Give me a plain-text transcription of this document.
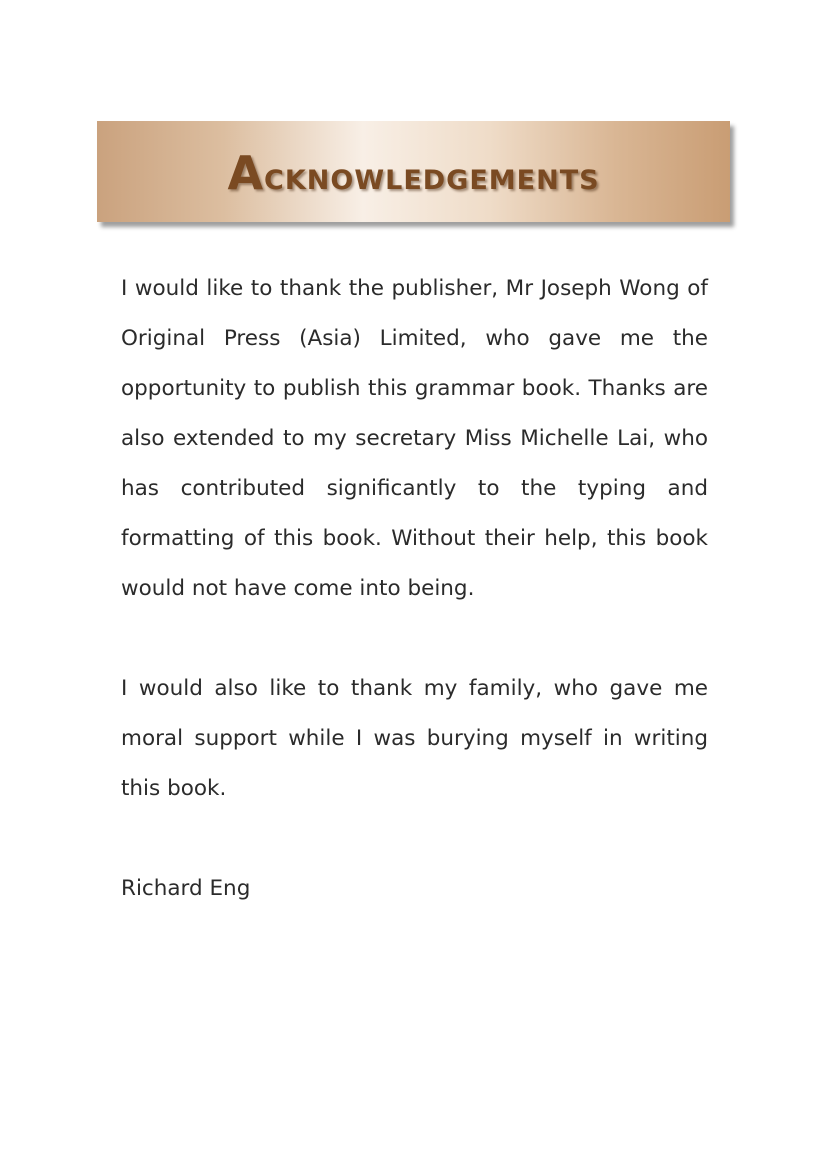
Acknowledgements

I would like to thank the publisher, Mr Joseph Wong of Original Press (Asia) Limited, who gave me the opportunity to publish this grammar book. Thanks are also extended to my secretary Miss Michelle Lai, who has contributed significantly to the typing and formatting of this book. Without their help, this book would not have come into being.

I would also like to thank my family, who gave me moral support while I was burying myself in writing this book.

Richard Eng
